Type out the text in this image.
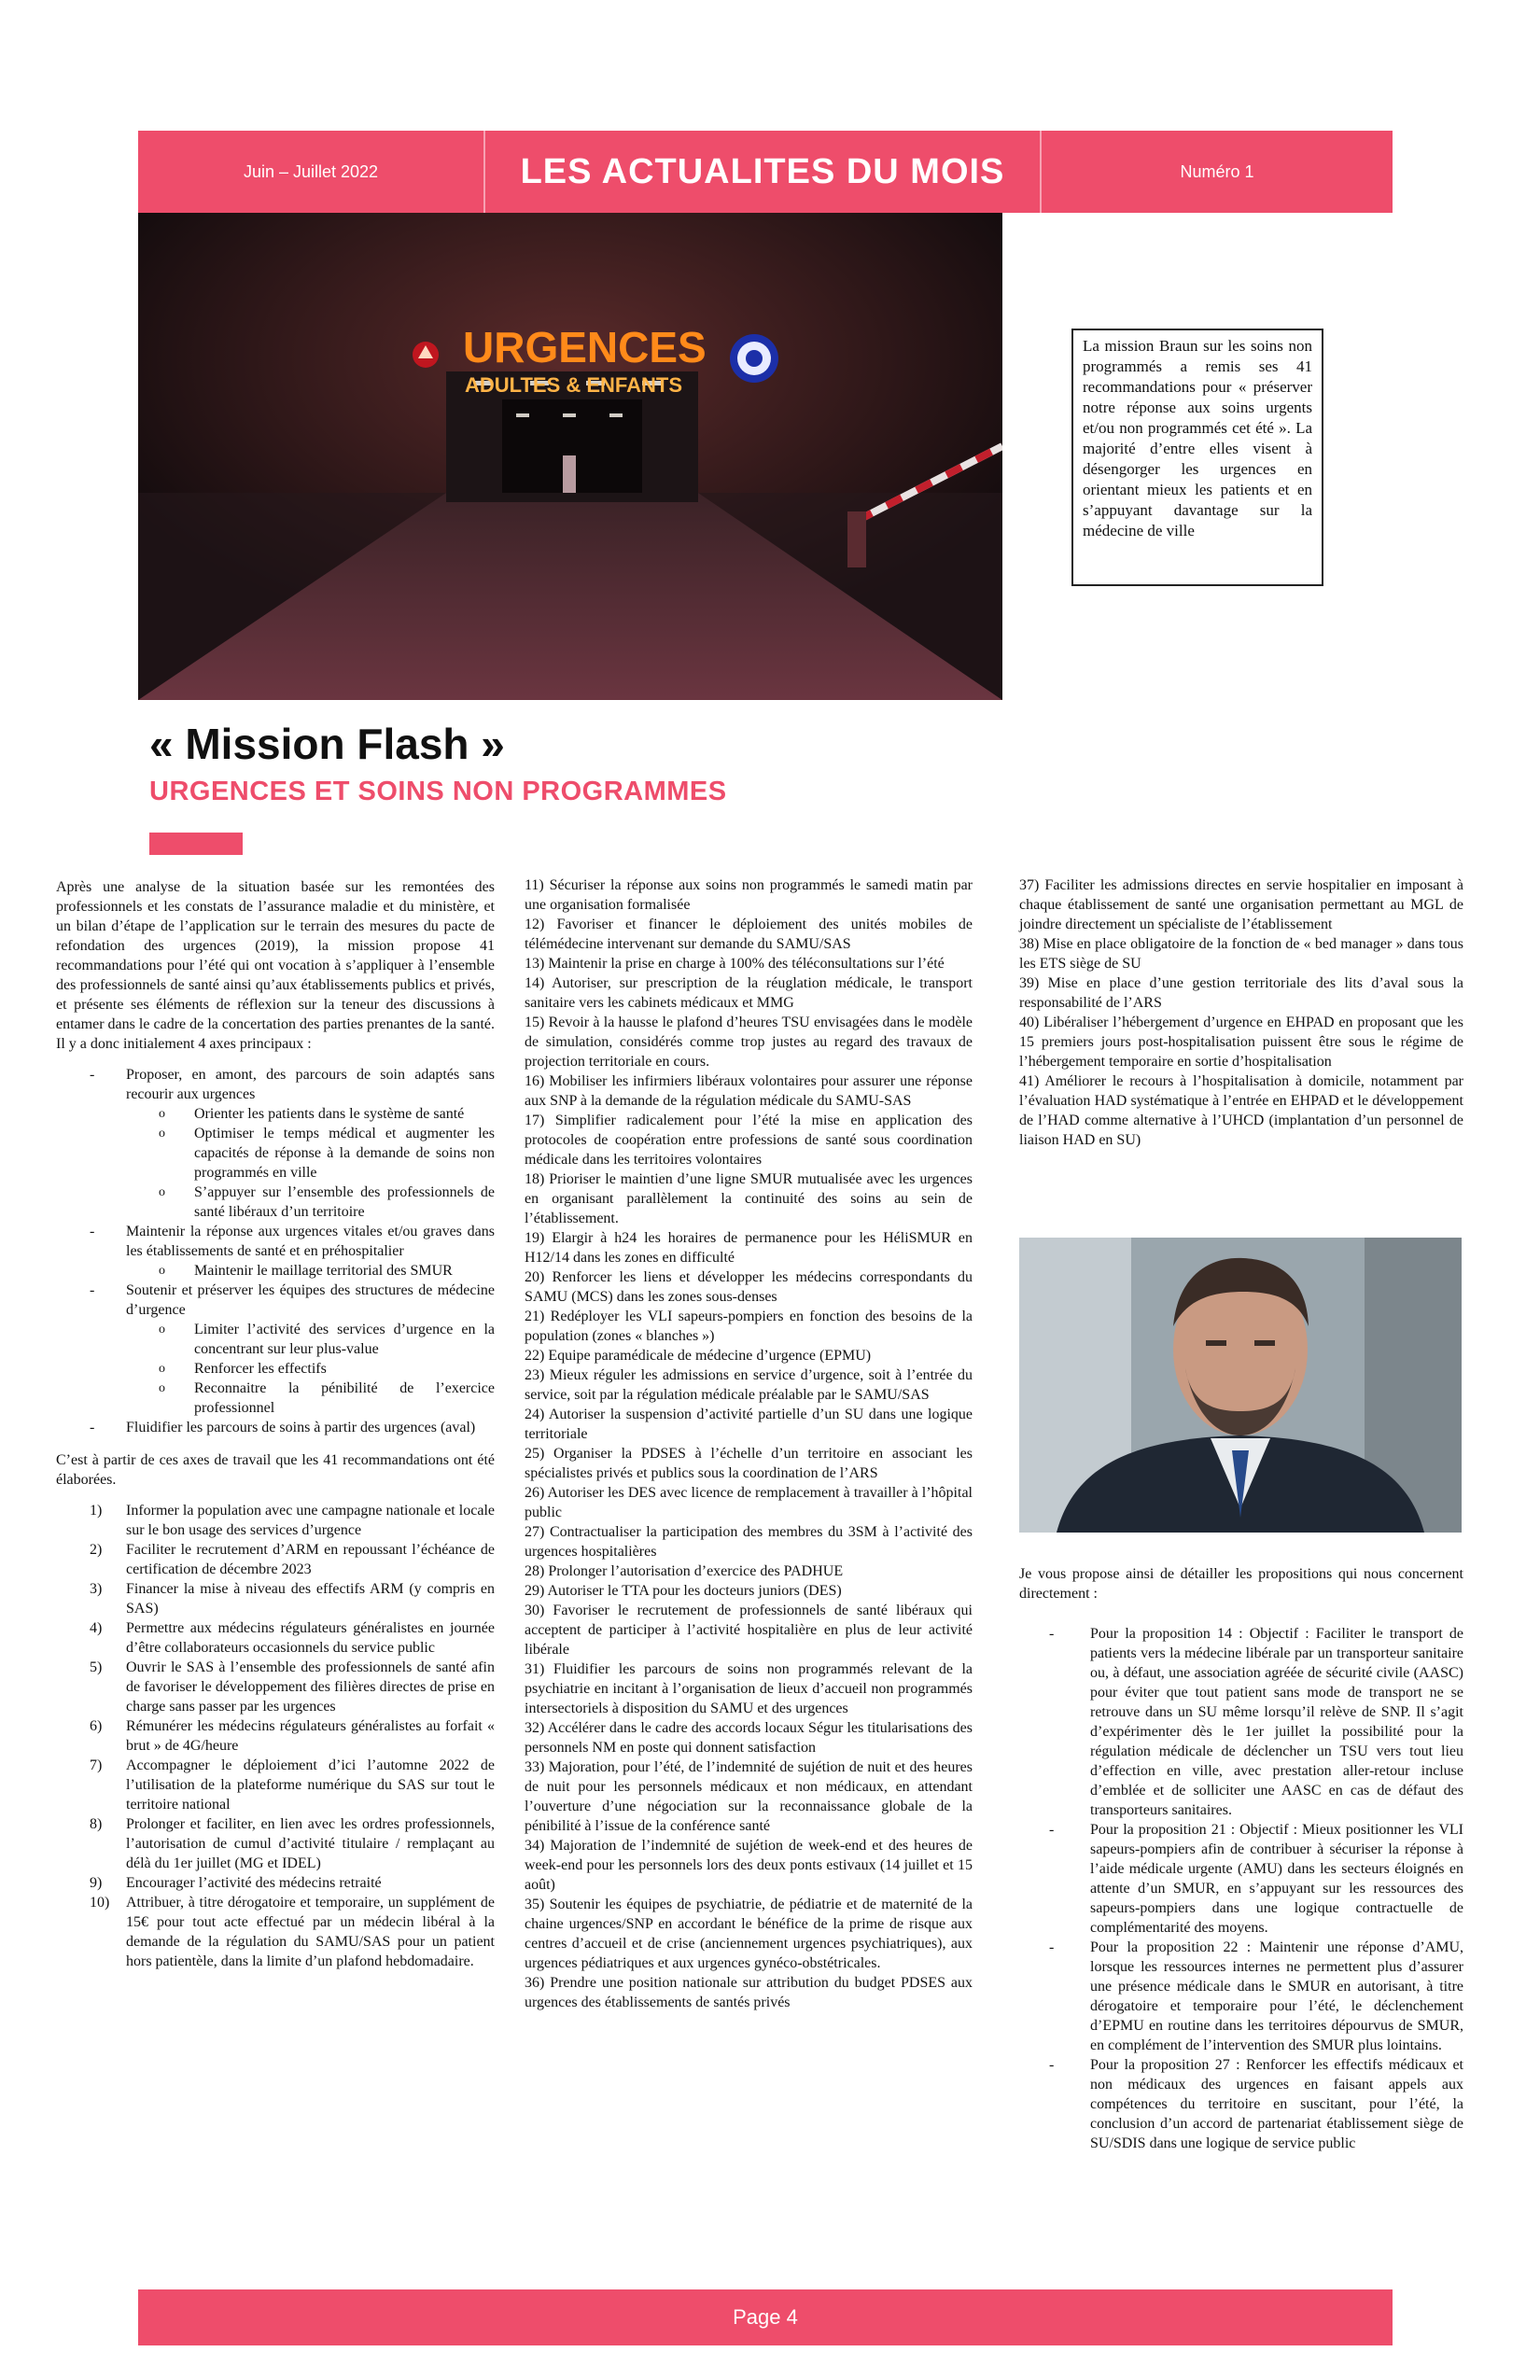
Juin – Juillet 2022	LES ACTUALITES DU MOIS	Numéro 1
URGENCES
ADULTES & ENFANTS
La mission Braun sur les soins non programmés a remis ses 41 recommandations pour « préserver notre réponse aux soins urgents et/ou non programmés cet été ». La majorité d’entre elles visent à désengorger les urgences en orientant mieux les patients et en s’appuyant davantage sur la médecine de ville
« Mission Flash »
URGENCES ET SOINS NON PROGRAMMES

Après une analyse de la situation basée sur les remontées des professionnels et les constats de l’assurance maladie et du ministère, et un bilan d’étape de l’application sur le terrain des mesures du pacte de refondation des urgences (2019), la mission propose 41 recommandations pour l’été qui ont vocation à s’appliquer à l’ensemble des professionnels de santé ainsi qu’aux établissements publics et privés, et présente ses éléments de réflexion sur la teneur des discussions à entamer dans le cadre de la concertation des parties prenantes de la santé. Il y a donc initialement 4 axes principaux :

- Proposer, en amont, des parcours de soin adaptés sans recourir aux urgences
o Orienter les patients dans le système de santé
o Optimiser le temps médical et augmenter les capacités de réponse à la demande de soins non programmés en ville
o S’appuyer sur l’ensemble des professionnels de santé libéraux d’un territoire
- Maintenir la réponse aux urgences vitales et/ou graves dans les établissements de santé et en préhospitalier
o Maintenir le maillage territorial des SMUR
- Soutenir et préserver les équipes des structures de médecine d’urgence
o Limiter l’activité des services d’urgence en la concentrant sur leur plus-value
o Renforcer les effectifs
o Reconnaitre la pénibilité de l’exercice professionnel
- Fluidifier les parcours de soins à partir des urgences (aval)

C’est à partir de ces axes de travail que les 41 recommandations ont été élaborées.

1) Informer la population avec une campagne nationale et locale sur le bon usage des services d’urgence
2) Faciliter le recrutement d’ARM en repoussant l’échéance de certification de décembre 2023
3) Financer la mise à niveau des effectifs ARM (y compris en SAS)
4) Permettre aux médecins régulateurs généralistes en journée d’être collaborateurs occasionnels du service public
5) Ouvrir le SAS à l’ensemble des professionnels de santé afin de favoriser le développement des filières directes de prise en charge sans passer par les urgences
6) Rémunérer les médecins régulateurs généralistes au forfait « brut » de 4G/heure
7) Accompagner le déploiement d’ici l’automne 2022 de l’utilisation de la plateforme numérique du SAS sur tout le territoire national
8) Prolonger et faciliter, en lien avec les ordres professionnels, l’autorisation de cumul d’activité titulaire / remplaçant au délà du 1er juillet (MG et IDEL)
9) Encourager l’activité des médecins retraité
10) Attribuer, à titre dérogatoire et temporaire, un supplément de 15€ pour tout acte effectué par un médecin libéral à la demande de la régulation du SAMU/SAS pour un patient hors patientèle, dans la limite d’un plafond hebdomadaire.

11) Sécuriser la réponse aux soins non programmés le samedi matin par une organisation formalisée

12) Favoriser et financer le déploiement des unités mobiles de télémédecine intervenant sur demande du SAMU/SAS

13) Maintenir la prise en charge à 100% des téléconsultations sur l’été

14) Autoriser, sur prescription de la réuglation médicale, le transport sanitaire vers les cabinets médicaux et MMG

15) Revoir à la hausse le plafond d’heures TSU envisagées dans le modèle de simulation, considérés comme trop justes au regard des travaux de projection territoriale en cours.

16) Mobiliser les infirmiers libéraux volontaires pour assurer une réponse aux SNP à la demande de la régulation médicale du SAMU-SAS

17) Simplifier radicalement pour l’été la mise en application des protocoles de coopération entre professions de santé sous coordination médicale dans les territoires volontaires

18) Prioriser le maintien d’une ligne SMUR mutualisée avec les urgences en organisant parallèlement la continuité des soins au sein de l’établissement.

19) Elargir à h24 les horaires de permanence pour les HéliSMUR en H12/14 dans les zones en difficulté

20) Renforcer les liens et développer les médecins correspondants du SAMU (MCS) dans les zones sous-denses

21) Redéployer les VLI sapeurs-pompiers en fonction des besoins de la population (zones « blanches »)

22) Equipe paramédicale de médecine d’urgence (EPMU)

23) Mieux réguler les admissions en service d’urgence, soit à l’entrée du service, soit par la régulation médicale préalable par le SAMU/SAS

24) Autoriser la suspension d’activité partielle d’un SU dans une logique territoriale

25) Organiser la PDSES à l’échelle d’un territoire en associant les spécialistes privés et publics sous la coordination de l’ARS

26) Autoriser les DES avec licence de remplacement à travailler à l’hôpital public

27) Contractualiser la participation des membres du 3SM à l’activité des urgences hospitalières

28) Prolonger l’autorisation d’exercice des PADHUE

29) Autoriser le TTA pour les docteurs juniors (DES)

30) Favoriser le recrutement de professionnels de santé libéraux qui acceptent de participer à l’activité hospitalière en plus de leur activité libérale

31) Fluidifier les parcours de soins non programmés relevant de la psychiatrie en incitant à l’organisation de lieux d’accueil non programmés intersectoriels à disposition du SAMU et des urgences

32) Accélérer dans le cadre des accords locaux Ségur les titularisations des personnels NM en poste qui donnent satisfaction

33) Majoration, pour l’été, de l’indemnité de sujétion de nuit et des heures de nuit pour les personnels médicaux et non médicaux, en attendant l’ouverture d’une négociation sur la reconnaissance globale de la pénibilité à l’issue de la conférence santé

34) Majoration de l’indemnité de sujétion de week-end et des heures de week-end pour les personnels lors des deux ponts estivaux (14 juillet et 15 août)

35) Soutenir les équipes de psychiatrie, de pédiatrie et de maternité de la chaine urgences/SNP en accordant le bénéfice de la prime de risque aux centres d’accueil et de crise (anciennement urgences psychiatriques), aux urgences pédiatriques et aux urgences gynéco-obstétricales.

36) Prendre une position nationale sur attribution du budget PDSES aux urgences des établissements de santés privés

37) Faciliter les admissions directes en servie hospitalier en imposant à chaque établissement de santé une organisation permettant au MGL de joindre directement un spécialiste de l’établissement

38) Mise en place obligatoire de la fonction de « bed manager » dans tous les ETS siège de SU

39) Mise en place d’une gestion territoriale des lits d’aval sous la responsabilité de l’ARS

40) Libéraliser l’hébergement d’urgence en EHPAD en proposant que les 15 premiers jours post-hospitalisation puissent être sous le régime de l’hébergement temporaire en sortie d’hospitalisation

41) Améliorer le recours à l’hospitalisation à domicile, notamment par l’évaluation HAD systématique à l’entrée en EHPAD et le développement de l’HAD comme alternative à l’UHCD (implantation d’un personnel de liaison HAD en SU)

Je vous propose ainsi de détailler les propositions qui nous concernent directement :

- Pour la proposition 14 : Objectif : Faciliter le transport de patients vers la médecine libérale par un transporteur sanitaire ou, à défaut, une association agréée de sécurité civile (AASC) pour éviter que tout patient sans mode de transport ne se retrouve dans un SU même lorsqu’il relève de SNP. Il s’agit d’expérimenter dès le 1er juillet la possibilité pour la régulation médicale de déclencher un TSU vers tout lieu d’effection en ville, avec prestation aller-retour incluse d’emblée et de solliciter une AASC en cas de défaut des transporteurs sanitaires.
- Pour la proposition 21 : Objectif : Mieux positionner les VLI sapeurs-pompiers afin de contribuer à sécuriser la réponse à l’aide médicale urgente (AMU) dans les secteurs éloignés en attente d’un SMUR, en s’appuyant sur les ressources des sapeurs-pompiers dans une logique contractuelle de complémentarité des moyens.
- Pour la proposition 22 : Maintenir une réponse d’AMU, lorsque les ressources internes ne permettent plus d’assurer une présence médicale dans le SMUR en autorisant, à titre dérogatoire et temporaire pour l’été, le déclenchement d’EPMU en routine dans les territoires dépourvus de SMUR, en complément de l’intervention des SMUR plus lointains.
- Pour la proposition 27 : Renforcer les effectifs médicaux et non médicaux des urgences en faisant appels aux compétences du territoire en suscitant, pour l’été, la conclusion d’un accord de partenariat établissement siège de SU/SDIS dans une logique de service public
Page 4
